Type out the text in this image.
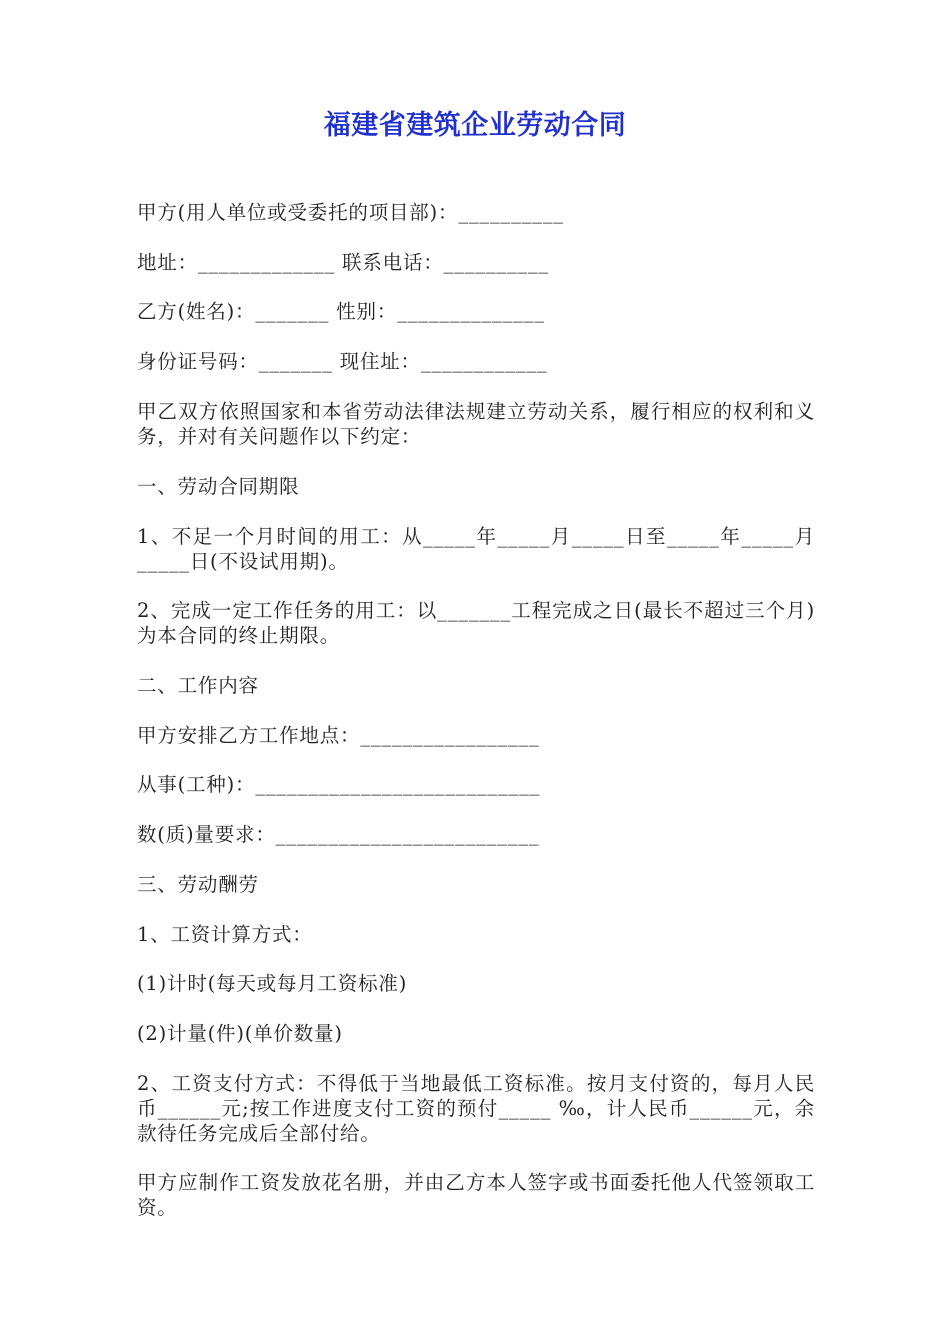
福建省建筑企业劳动合同

甲方(用人单位或受委托的项目部)：__________

地址：_____________ 联系电话：__________

乙方(姓名)：_______ 性别：______________

身份证号码：_______ 现住址：____________

甲乙双方依照国家和本省劳动法律法规建立劳动关系，履行相应的权利和义务，并对有关问题作以下约定：

一、劳动合同期限

1、不足一个月时间的用工：从_____年_____月_____日至_____年_____月_____日(不设试用期)。

2、完成一定工作任务的用工：以_______工程完成之日(最长不超过三个月)为本合同的终止期限。

二、工作内容

甲方安排乙方工作地点：_________________

从事(工种)：___________________________

数(质)量要求：_________________________

三、劳动酬劳

1、工资计算方式：

(1)计时(每天或每月工资标准)

(2)计量(件)(单价数量)

2、工资支付方式：不得低于当地最低工资标准。按月支付资的，每月人民币______元;按工作进度支付工资的预付_____ ‰，计人民币______元，余款待任务完成后全部付给。

甲方应制作工资发放花名册，并由乙方本人签字或书面委托他人代签领取工资。
